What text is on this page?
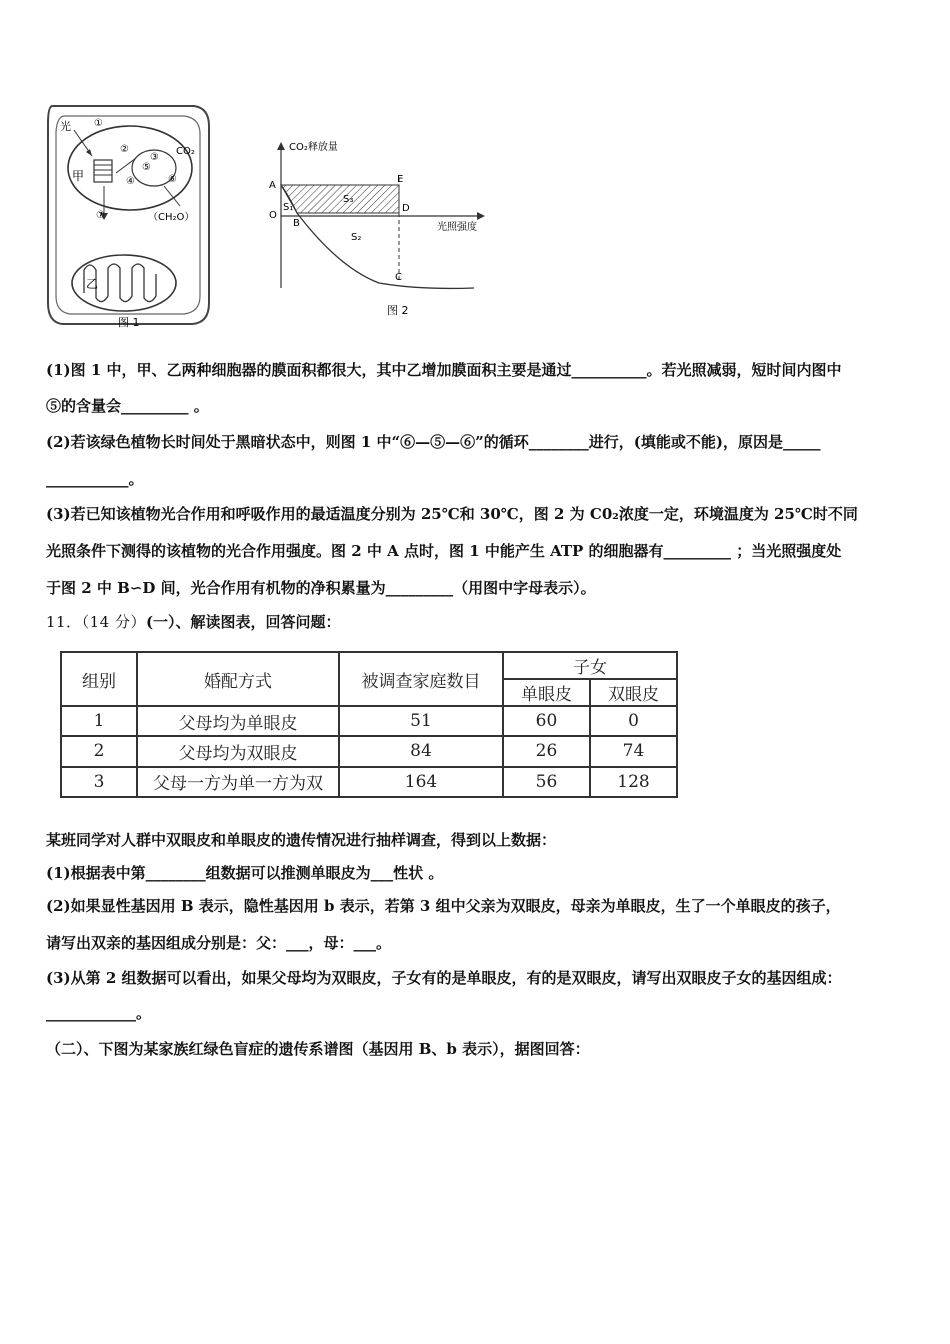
光
甲
乙
CO₂
（CH₂O）
①
②
③
④
⑤
⑥
⑦
图 1
CO₂释放量
光照强度
A
O
B
C
D
E
S₁
S₂
S₃
图 2
(1)图 1 中，甲、乙两种细胞器的膜面积都很大，其中乙增加膜面积主要是通过__________。若光照减弱，短时间内图中
⑤的含量会_________ 。
(2)若该绿色植物长时间处于黑暗状态中，则图 1 中“⑥—⑤—⑥”的循环________进行，(填能或不能)，原因是_____
___________。
(3)若已知该植物光合作用和呼吸作用的最适温度分别为 25℃和 30℃，图 2 为 C0₂浓度一定，环境温度为 25℃时不同
光照条件下测得的该植物的光合作用强度。图 2 中 A 点时，图 1 中能产生 ATP 的细胞器有_________ ；当光照强度处
于图 2 中 B∽D 间，光合作用有机物的净积累量为_________（用图中字母表示）。
11．（14 分）(一）、解读图表，回答问题：
组别	婚配方式	被调查家庭数目	子女	
			单眼皮	双眼皮
1	父母均为单眼皮	51	60	0
2	父母均为双眼皮	84	26	74
3	父母一方为单一方为双	164	56	128
某班同学对人群中双眼皮和单眼皮的遗传情况进行抽样调查，得到以上数据：
(1)根据表中第________组数据可以推测单眼皮为___性状 。
(2)如果显性基因用 B 表示，隐性基因用 b 表示，若第 3 组中父亲为双眼皮，母亲为单眼皮，生了一个单眼皮的孩子，
请写出双亲的基因组成分别是：父：___，母：___。
(3)从第 2 组数据可以看出，如果父母均为双眼皮，子女有的是单眼皮，有的是双眼皮，请写出双眼皮子女的基因组成：
____________。
（二）、下图为某家族红绿色盲症的遗传系谱图（基因用 B、b 表示），据图回答：
